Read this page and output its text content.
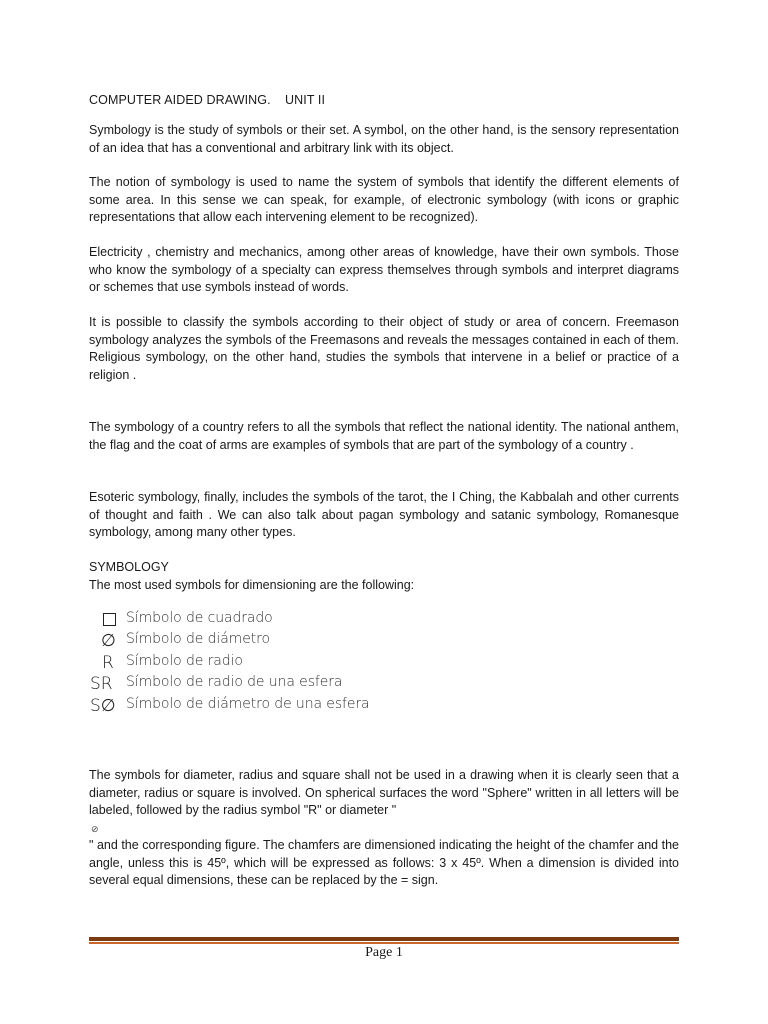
COMPUTER AIDED DRAWING.    UNIT II

Symbology is the study of symbols or their set. A symbol, on the other hand, is the sensory representation of an idea that has a conventional and arbitrary link with its object.

The notion of symbology is used to name the system of symbols that identify the different elements of some area. In this sense we can speak, for example, of electronic symbology (with icons or graphic representations that allow each intervening element to be recognized).

Electricity , chemistry and mechanics, among other areas of knowledge, have their own symbols. Those who know the symbology of a specialty can express themselves through symbols and interpret diagrams or schemes that use symbols instead of words.

It is possible to classify the symbols according to their object of study or area of concern. Freemason symbology analyzes the symbols of the Freemasons and reveals the messages contained in each of them. Religious symbology, on the other hand, studies the symbols that intervene in a belief or practice of a religion .

The symbology of a country refers to all the symbols that reflect the national identity. The national anthem, the flag and the coat of arms are examples of symbols that are part of the symbology of a country .

Esoteric symbology, finally, includes the symbols of the tarot, the I Ching, the Kabbalah and other currents of thought and faith . We can also talk about pagan symbology and satanic symbology, Romanesque symbology, among many other types.

SYMBOLOGY
The most used symbols for dimensioning are the following:
Símbolo de cuadrado
∅ Símbolo de diámetro
R Símbolo de radio
SR Símbolo de radio de una esfera
S∅ Símbolo de diámetro de una esfera

The symbols for diameter, radius and square shall not be used in a drawing when it is clearly seen that a diameter, radius or square is involved. On spherical surfaces the word "Sphere" written in all letters will be labeled, followed by the radius symbol "R" or diameter "

⊘

" and the corresponding figure. The chamfers are dimensioned indicating the height of the chamfer and the angle, unless this is 45º, which will be expressed as follows: 3 x 45º. When a dimension is divided into several equal dimensions, these can be replaced by the = sign.

Page 1
